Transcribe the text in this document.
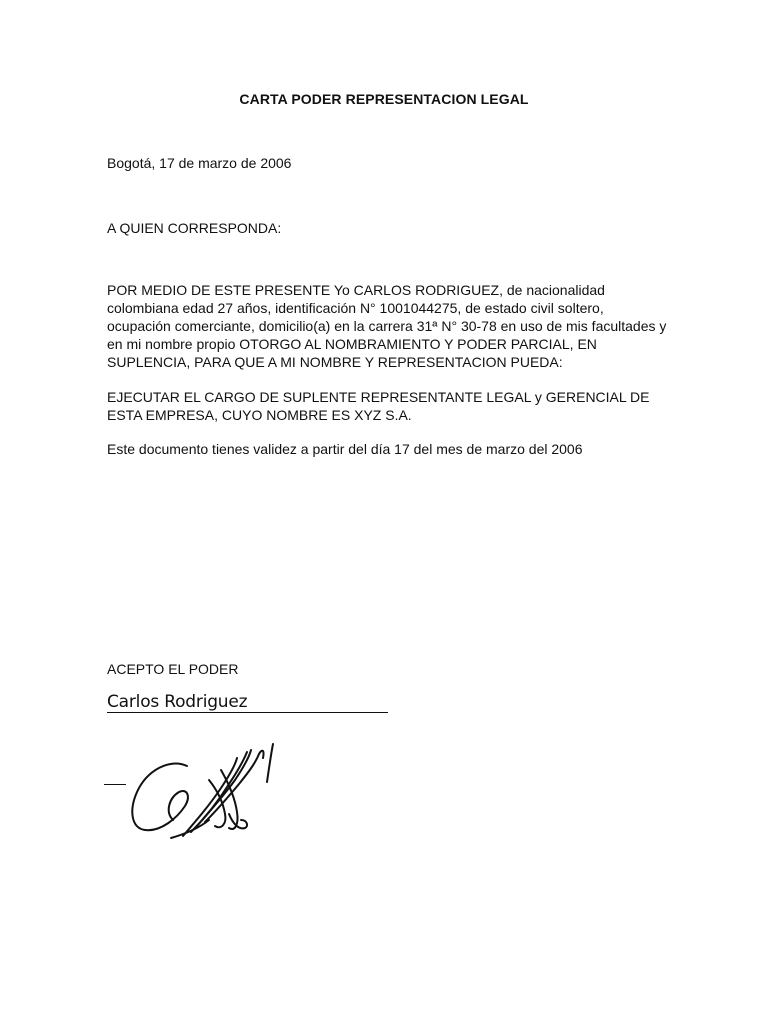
CARTA PODER REPRESENTACION LEGAL

Bogotá, 17 de marzo de 2006

A QUIEN CORRESPONDA:

POR MEDIO DE ESTE PRESENTE Yo CARLOS RODRIGUEZ, de nacionalidad colombiana edad 27 años, identificación N° 1001044275, de estado civil soltero, ocupación comerciante, domicilio(a) en la carrera 31ª N° 30-78 en uso de mis facultades y en mi nombre propio OTORGO AL NOMBRAMIENTO Y PODER PARCIAL, EN SUPLENCIA, PARA QUE A MI NOMBRE Y REPRESENTACION PUEDA:

EJECUTAR EL CARGO DE SUPLENTE REPRESENTANTE LEGAL y GERENCIAL DE ESTA EMPRESA, CUYO NOMBRE ES XYZ S.A.

Este documento tienes validez a partir del día 17 del mes de marzo del 2006

ACEPTO EL PODER

Carlos Rodriguez
